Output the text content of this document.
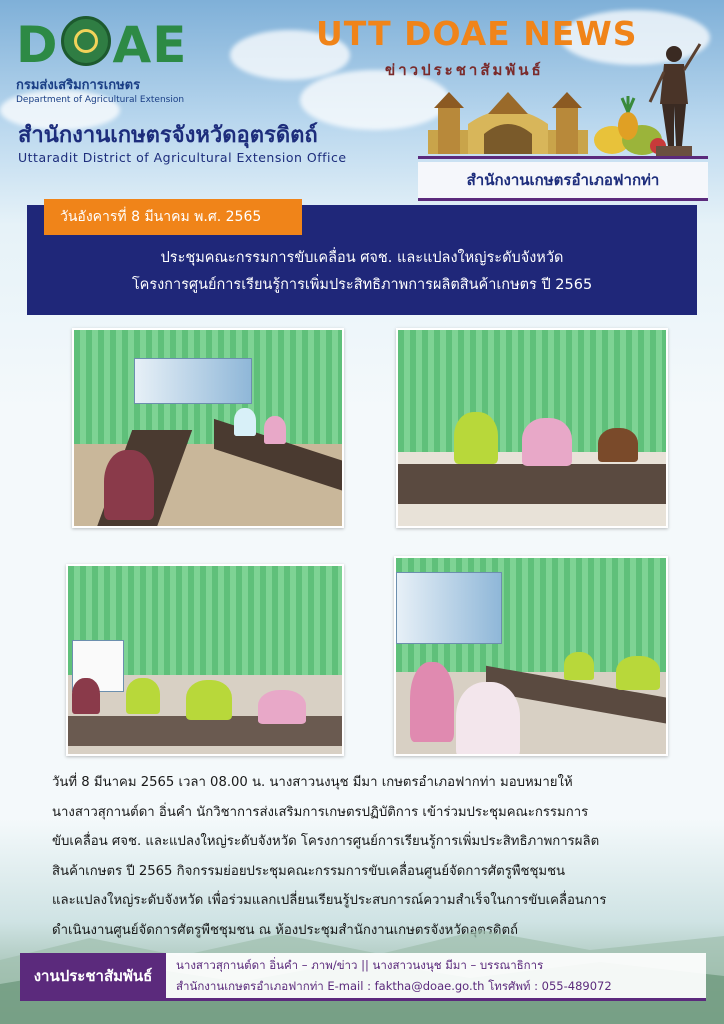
D AE
กรมส่งเสริมการเกษตร
Department of Agricultural Extension
สำนักงานเกษตรจังหวัดอุตรดิตถ์
Uttaradit District of Agricultural Extension Office
UTT DOAE NEWS
ข่าวประชาสัมพันธ์
สำนักงานเกษตรอำเภอฟากท่า
วันอังคารที่ 8 มีนาคม พ.ศ. 2565
ประชุมคณะกรรมการขับเคลื่อน ศจช. และแปลงใหญ่ระดับจังหวัด
โครงการศูนย์การเรียนรู้การเพิ่มประสิทธิภาพการผลิตสินค้าเกษตร ปี 2565
วันที่ 8 มีนาคม 2565 เวลา 08.00 น. นางสาวนงนุช มีมา เกษตรอำเภอฟากท่า มอบหมายให้
นางสาวสุกานต์ดา อิ่นคำ นักวิชาการส่งเสริมการเกษตรปฏิบัติการ เข้าร่วมประชุมคณะกรรมการ
ขับเคลื่อน ศจช. และแปลงใหญ่ระดับจังหวัด โครงการศูนย์การเรียนรู้การเพิ่มประสิทธิภาพการผลิต
สินค้าเกษตร ปี 2565 กิจกรรมย่อยประชุมคณะกรรมการขับเคลื่อนศูนย์จัดการศัตรูพืชชุมชน
และแปลงใหญ่ระดับจังหวัด เพื่อร่วมแลกเปลี่ยนเรียนรู้ประสบการณ์ความสำเร็จในการขับเคลื่อนการ
ดำเนินงานศูนย์จัดการศัตรูพืชชุมชน ณ ห้องประชุมสำนักงานเกษตรจังหวัดอุตรดิตถ์
งานประชาสัมพันธ์
นางสาวสุกานต์ดา อิ่นคำ – ภาพ/ข่าว || นางสาวนงนุช มีมา – บรรณาธิการ
สำนักงานเกษตรอำเภอฟากท่า E-mail : faktha@doae.go.th โทรศัพท์ : 055-489072
